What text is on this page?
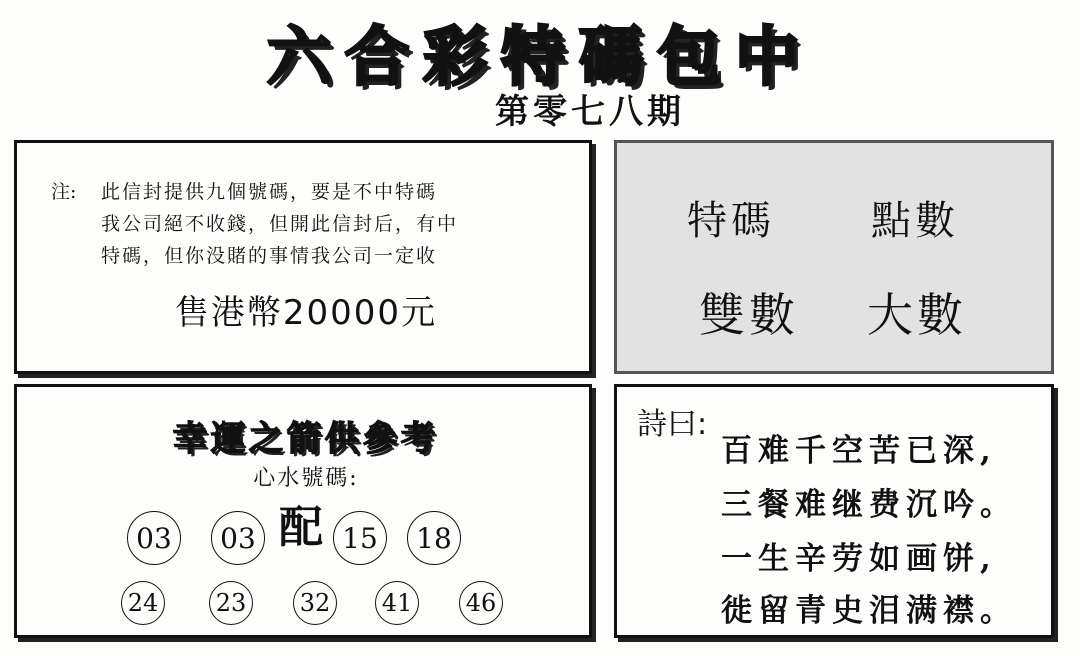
六合彩特碼包中
第零七八期
注: 此信封提供九個號碼，要是不中特碼
我公司絕不收錢，但開此信封后，有中
特碼，但你没賭的事情我公司一定收
售港幣20000元
特碼 點數
雙數 大數
幸運之箭供參考
心水號碼:
配
03	03	15	18
24 23 32 41 46
詩曰:
百难千空苦已深,
三餐难继费沉吟。
一生辛劳如画饼,
徙留青史泪满襟。
